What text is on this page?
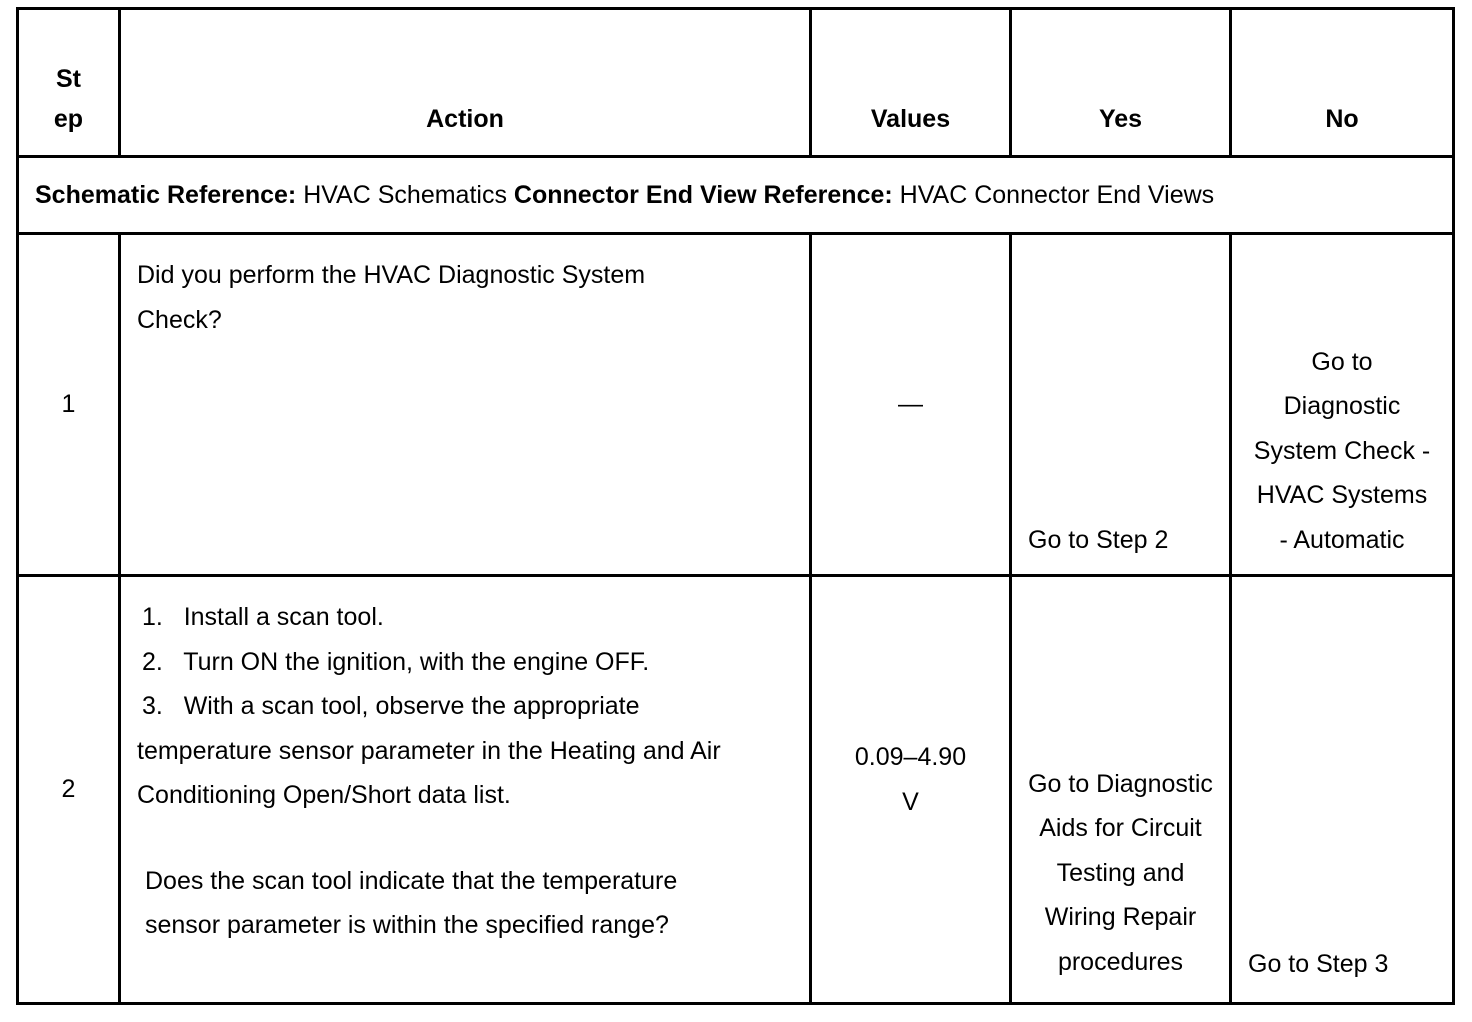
St
ep	Action	Values	Yes	No
Schematic Reference: HVAC Schematics Connector End View Reference: HVAC Connector End Views				
1	Did you perform the HVAC Diagnostic System Check?	—	Go to Step 2	Go to Diagnostic System Check - HVAC Systems - Automatic
2	1. Install a scan tool.
2. Turn ON the ignition, with the engine OFF.
3. With a scan tool, observe the appropriate temperature sensor parameter in the Heating and Air Conditioning Open/Short data list.
Does the scan tool indicate that the temperature sensor parameter is within the specified range?	0.09–4.90 V	Go to Diagnostic Aids for Circuit Testing and Wiring Repair procedures	Go to Step 3
